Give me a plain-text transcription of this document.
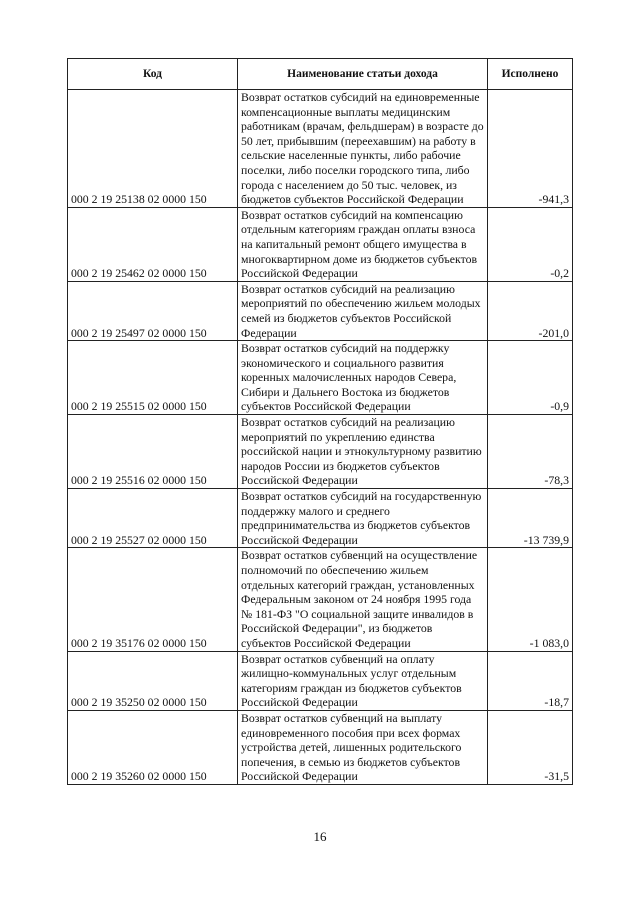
Код	Наименование статьи дохода	Исполнено
000 2 19 25138 02 0000 150	Возврат остатков субсидий на единовременные компенсационные выплаты медицинским работникам (врачам, фельдшерам) в возрасте до 50 лет, прибывшим (переехавшим) на работу в сельские населенные пункты, либо рабочие поселки, либо поселки городского типа, либо города с населением до 50 тыс. человек, из бюджетов субъектов Российской Федерации	-941,3
000 2 19 25462 02 0000 150	Возврат остатков субсидий на компенсацию отдельным категориям граждан оплаты взноса на капитальный ремонт общего имущества в многоквартирном доме из бюджетов субъектов Российской Федерации	-0,2
000 2 19 25497 02 0000 150	Возврат остатков субсидий на реализацию мероприятий по обеспечению жильем молодых семей из бюджетов субъектов Российской Федерации	-201,0
000 2 19 25515 02 0000 150	Возврат остатков субсидий на поддержку экономического и социального развития коренных малочисленных народов Севера, Сибири и Дальнего Востока из бюджетов субъектов Российской Федерации	-0,9
000 2 19 25516 02 0000 150	Возврат остатков субсидий на реализацию мероприятий по укреплению единства российской нации и этнокультурному развитию народов России из бюджетов субъектов Российской Федерации	-78,3
000 2 19 25527 02 0000 150	Возврат остатков субсидий на государственную поддержку малого и среднего предпринимательства из бюджетов субъектов Российской Федерации	-13 739,9
000 2 19 35176 02 0000 150	Возврат остатков субвенций на осуществление полномочий по обеспечению жильем отдельных категорий граждан, установленных Федеральным законом от 24 ноября 1995 года № 181-ФЗ "О социальной защите инвалидов в Российской Федерации", из бюджетов субъектов Российской Федерации	-1 083,0
000 2 19 35250 02 0000 150	Возврат остатков субвенций на оплату жилищно-коммунальных услуг отдельным категориям граждан из бюджетов субъектов Российской Федерации	-18,7
000 2 19 35260 02 0000 150	Возврат остатков субвенций на выплату единовременного пособия при всех формах устройства детей, лишенных родительского попечения, в семью из бюджетов субъектов Российской Федерации	-31,5
16
